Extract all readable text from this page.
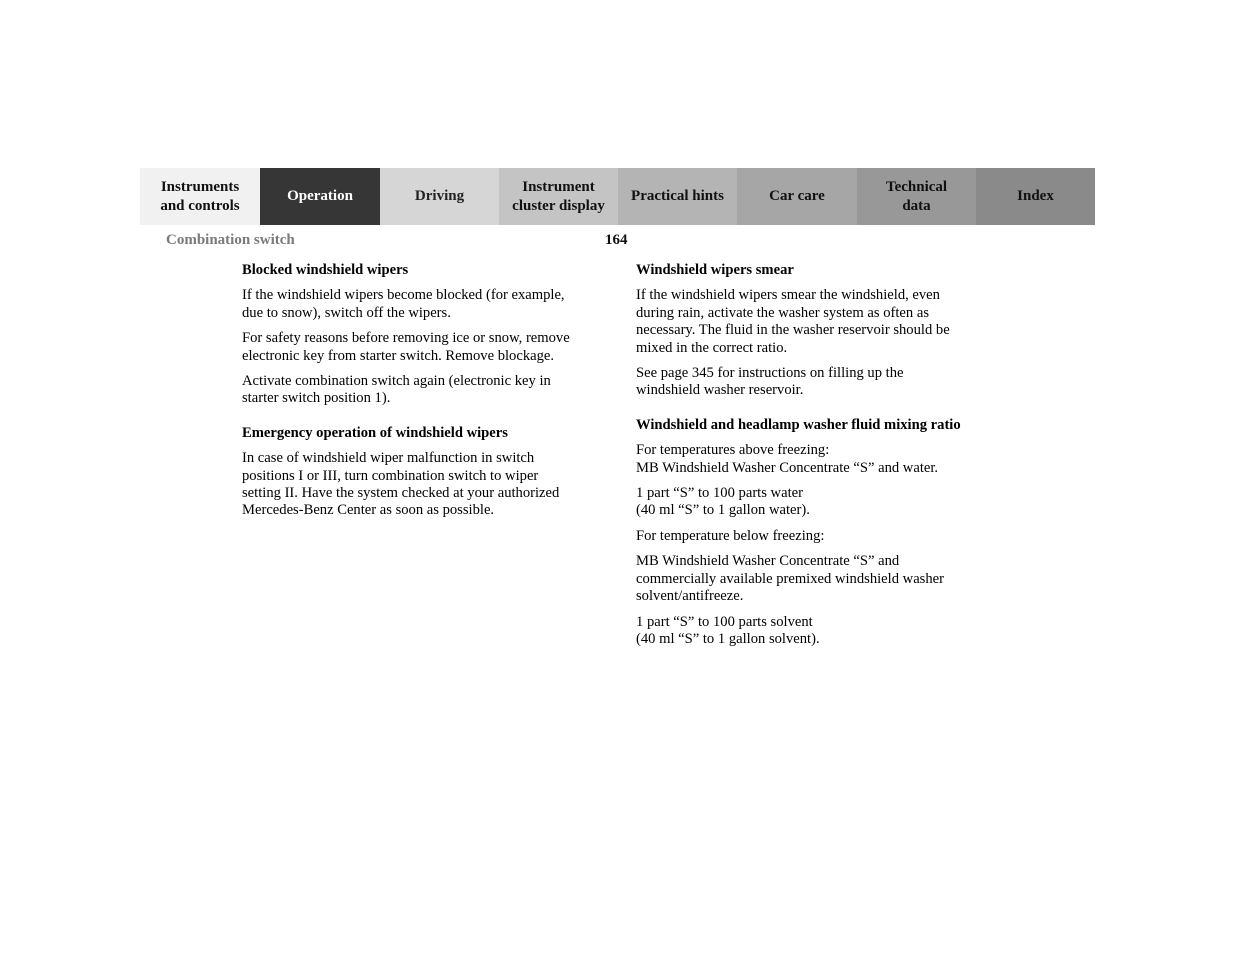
Instruments
and controls
Operation	Driving
Instrument
cluster display
Practical hints	Car care
Technical
data
Index
Combination switch	164
Blocked windshield wipers

If the windshield wipers become blocked (for example,
due to snow), switch off the wipers.

For safety reasons before removing ice or snow, remove
electronic key from starter switch. Remove blockage.

Activate combination switch again (electronic key in
starter switch position 1).

Emergency operation of windshield wipers

In case of windshield wiper malfunction in switch
positions I or III, turn combination switch to wiper
setting II. Have the system checked at your authorized
Mercedes-Benz Center as soon as possible.

Windshield wipers smear

If the windshield wipers smear the windshield, even
during rain, activate the washer system as often as
necessary. The fluid in the washer reservoir should be
mixed in the correct ratio.

See page 345 for instructions on filling up the
windshield washer reservoir.

Windshield and headlamp washer fluid mixing ratio

For temperatures above freezing:
MB Windshield Washer Concentrate “S” and water.

1 part “S” to 100 parts water
(40 ml “S” to 1 gallon water).

For temperature below freezing:

MB Windshield Washer Concentrate “S” and
commercially available premixed windshield washer
solvent/antifreeze.

1 part “S” to 100 parts solvent
(40 ml “S” to 1 gallon solvent).
